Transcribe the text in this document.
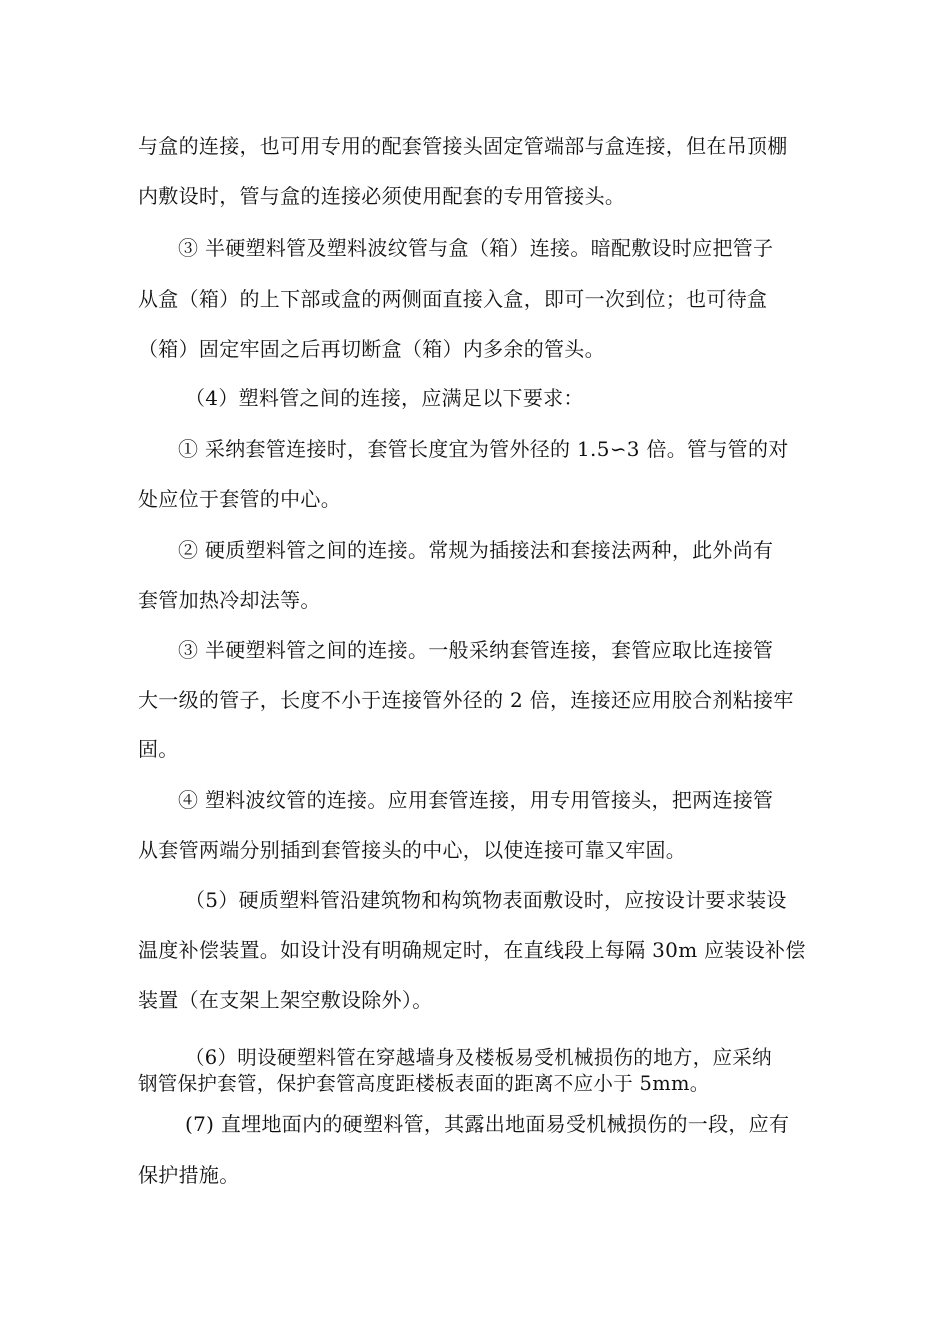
与盒的连接，也可用专用的配套管接头固定管端部与盒连接，但在吊顶棚
内敷设时，管与盒的连接必须使用配套的专用管接头。
③ 半硬塑料管及塑料波纹管与盒（箱）连接。暗配敷设时应把管子
从盒（箱）的上下部或盒的两侧面直接入盒，即可一次到位；也可待盒
（箱）固定牢固之后再切断盒（箱）内多余的管头。
（4）塑料管之间的连接，应满足以下要求：
① 采纳套管连接时，套管长度宜为管外径的 1.5∽3 倍。管与管的对
处应位于套管的中心。
② 硬质塑料管之间的连接。常规为插接法和套接法两种，此外尚有
套管加热冷却法等。
③ 半硬塑料管之间的连接。一般采纳套管连接，套管应取比连接管
大一级的管子，长度不小于连接管外径的 2 倍，连接还应用胶合剂粘接牢
固。
④ 塑料波纹管的连接。应用套管连接，用专用管接头，把两连接管
从套管两端分别插到套管接头的中心，以使连接可靠又牢固。
（5）硬质塑料管沿建筑物和构筑物表面敷设时，应按设计要求装设
温度补偿装置。如设计没有明确规定时，在直线段上每隔 30m 应装设补偿
装置（在支架上架空敷设除外）。
（6）明设硬塑料管在穿越墙身及楼板易受机械损伤的地方，应采纳
钢管保护套管，保护套管高度距楼板表面的距离不应小于 5mm。
(7) 直埋地面内的硬塑料管，其露出地面易受机械损伤的一段，应有
保护措施。
